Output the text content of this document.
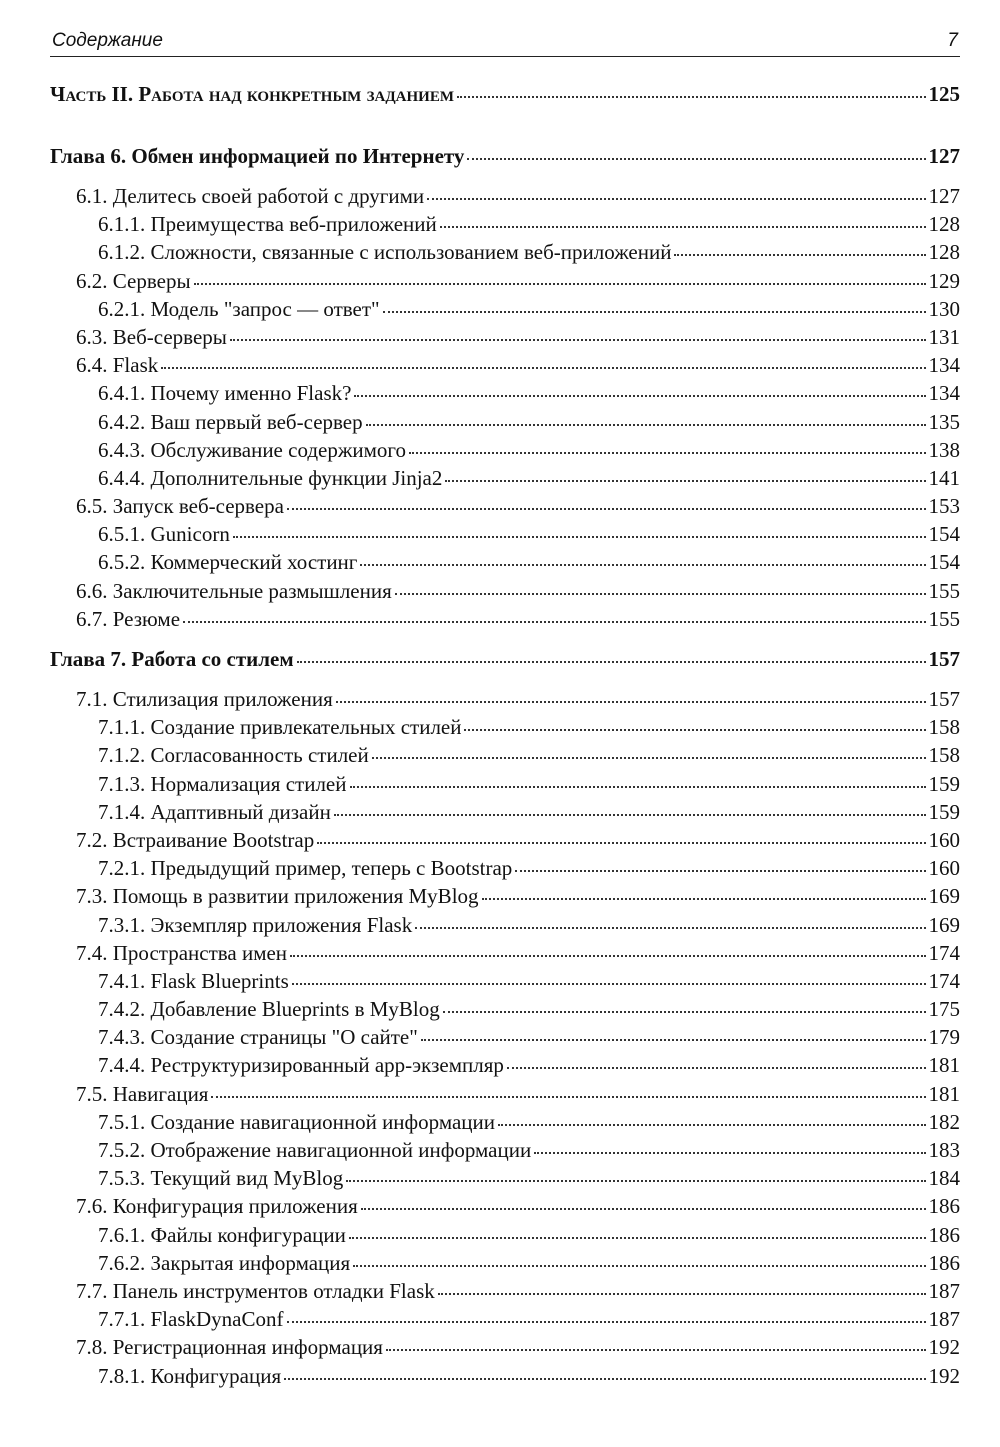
Содержание	7
Часть II. Работа над конкретным заданием	125
Глава 6. Обмен информацией по Интернету	127
6.1. Делитесь своей работой с другими	127
6.1.1. Преимущества веб-приложений	128
6.1.2. Сложности, связанные с использованием веб-приложений	128
6.2. Серверы	129
6.2.1. Модель "запрос — ответ"	130
6.3. Веб-серверы	131
6.4. Flask	134
6.4.1. Почему именно Flask?	134
6.4.2. Ваш первый веб-сервер	135
6.4.3. Обслуживание содержимого	138
6.4.4. Дополнительные функции Jinja2	141
6.5. Запуск веб-сервера	153
6.5.1. Gunicorn	154
6.5.2. Коммерческий хостинг	154
6.6. Заключительные размышления	155
6.7. Резюме	155
Глава 7. Работа со стилем	157
7.1. Стилизация приложения	157
7.1.1. Создание привлекательных стилей	158
7.1.2. Согласованность стилей	158
7.1.3. Нормализация стилей	159
7.1.4. Адаптивный дизайн	159
7.2. Встраивание Bootstrap	160
7.2.1. Предыдущий пример, теперь с Bootstrap	160
7.3. Помощь в развитии приложения MyBlog	169
7.3.1. Экземпляр приложения Flask	169
7.4. Пространства имен	174
7.4.1. Flask Blueprints	174
7.4.2. Добавление Blueprints в MyBlog	175
7.4.3. Создание страницы "О сайте"	179
7.4.4. Реструктуризированный app-экземпляр	181
7.5. Навигация	181
7.5.1. Создание навигационной информации	182
7.5.2. Отображение навигационной информации	183
7.5.3. Текущий вид MyBlog	184
7.6. Конфигурация приложения	186
7.6.1. Файлы конфигурации	186
7.6.2. Закрытая информация	186
7.7. Панель инструментов отладки Flask	187
7.7.1. FlaskDynaConf	187
7.8. Регистрационная информация	192
7.8.1. Конфигурация	192
